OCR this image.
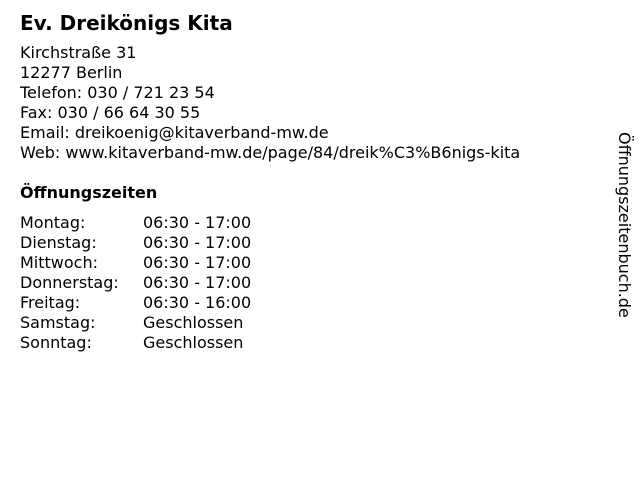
Ev. Dreikönigs Kita
Kirchstraße 31
12277 Berlin
Telefon: 030 / 721 23 54
Fax: 030 / 66 64 30 55
Email: dreikoenig@kitaverband-mw.de
Web: www.kitaverband-mw.de/page/84/dreik%C3%B6nigs-kita
Öffnungszeiten
Montag:	06:30 - 17:00
Dienstag:	06:30 - 17:00
Mittwoch:	06:30 - 17:00
Donnerstag: 06:30 - 17:00
Freitag:	06:30 - 16:00
Samstag:	Geschlossen
Sonntag:	Geschlossen
Öffnungszeitenbuch.de
